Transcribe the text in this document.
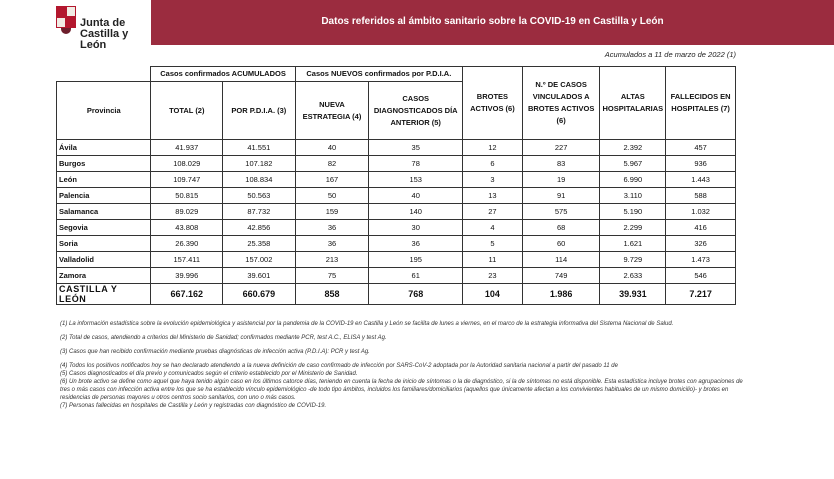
Junta de
Castilla y León
Datos referidos al ámbito sanitario sobre la COVID-19 en Castilla y León
Acumulados a 11 de marzo de 2022 (1)
	Casos confirmados ACUMULADOS		Casos NUEVOS confirmados por P.D.I.A.		BROTES ACTIVOS (6)	N.º DE CASOS VINCULADOS A BROTES ACTIVOS (6)	ALTAS HOSPITALARIAS	FALLECIDOS EN HOSPITALES (7)
Provincia	TOTAL (2)	POR P.D.I.A. (3)	NUEVA ESTRATEGIA (4)	CASOS DIAGNOSTICADOS DÍA ANTERIOR (5)				
Ávila	41.937	41.551	40	35	12	227	2.392	457
Burgos	108.029	107.182	82	78	6	83	5.967	936
León	109.747	108.834	167	153	3	19	6.990	1.443
Palencia	50.815	50.563	50	40	13	91	3.110	588
Salamanca	89.029	87.732	159	140	27	575	5.190	1.032
Segovia	43.808	42.856	36	30	4	68	2.299	416
Soria	26.390	25.358	36	36	5	60	1.621	326
Valladolid	157.411	157.002	213	195	11	114	9.729	1.473
Zamora	39.996	39.601	75	61	23	749	2.633	546
CASTILLA Y LEÓN	667.162	660.679	858	768	104	1.986	39.931	7.217

(1) La información estadística sobre la evolución epidemiológica y asistencial por la pandemia de la COVID-19 en Castilla y León se facilita de lunes a viernes, en el marco de la estrategia informativa del Sistema Nacional de Salud.

(2) Total de casos, atendiendo a criterios del Ministerio de Sanidad; confirmados mediante PCR, test A.C., ELISA y test Ag.

(3) Casos que han recibido confirmación mediante pruebas diagnósticas de infección activa (P.D.I.A): PCR y test Ag.

(4) Todos los positivos notificados hoy se han declarado atendiendo a la nueva definición de caso confirmado de infección por SARS-CoV-2 adoptada por la Autoridad sanitaria nacional a partir del pasado 11 de

(5) Casos diagnosticados el día previo y comunicados según el criterio establecido por el Ministerio de Sanidad.

(6) Un brote activo se define como aquel que haya tenido algún caso en los últimos catorce días, teniendo en cuenta la fecha de inicio de síntomas o la de diagnóstico, si la de síntomas no está disponible. Esta estadística incluye brotes con agrupaciones de tres o más casos con infección activa entre los que se ha establecido vínculo epidemiológico -de todo tipo ámbitos, incluidos los familiares/domiciliarios (aquellos que únicamente afectan a los convivientes habituales de un mismo domicilio)- y brotes en residencias de personas mayores u otros centros socio sanitarios, con uno o más casos.

(7) Personas fallecidas en hospitales de Castilla y León y registradas con diagnóstico de COVID-19.
